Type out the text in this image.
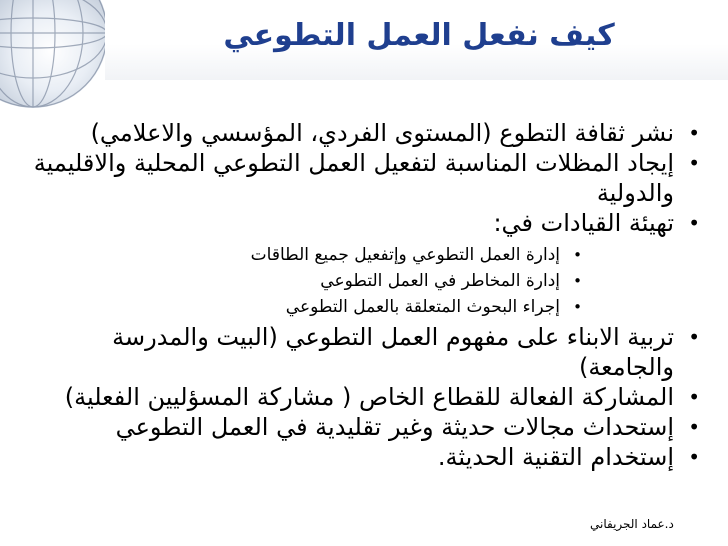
كيف نفعل العمل التطوعي
•
نشر ثقافة التطوع (المستوى الفردي، المؤسسي والاعلامي)
•
إيجاد المظلات المناسبة لتفعيل العمل التطوعي المحلية والاقليمية والدولية
•
تهيئة القيادات في:
•
إدارة العمل التطوعي وإتفعيل جميع الطاقات
•
إدارة المخاطر في العمل التطوعي
•
إجراء البحوث المتعلقة بالعمل التطوعي
•
تربية الابناء على مفهوم العمل التطوعي (البيت والمدرسة والجامعة)
•
المشاركة الفعالة للقطاع الخاص ( مشاركة المسؤليين الفعلية)
•
إستحداث مجالات حديثة وغير تقليدية في العمل التطوعي
•
إستخدام التقنية الحديثة.
د.عماد الجريفاني
